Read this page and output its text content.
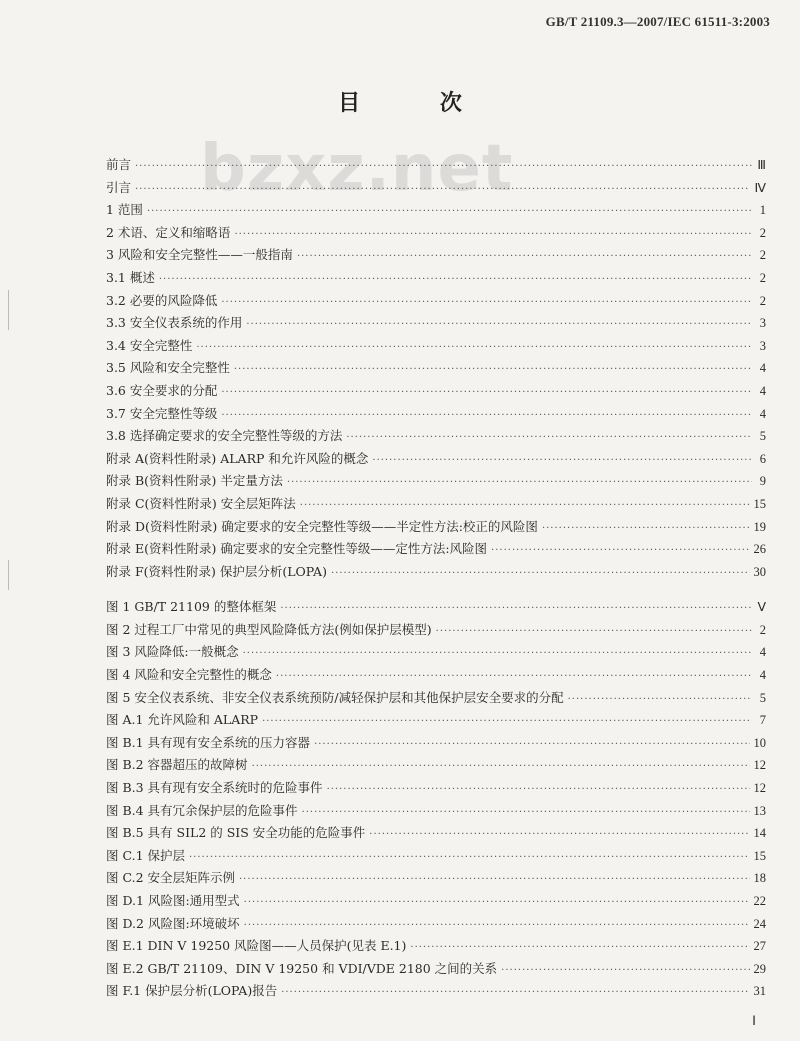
GB/T 21109.3—2007/IEC 61511-3:2003
目 次
bzxz.net
前言 ·····	Ⅲ
引言 ·····	Ⅳ
1 范围 ·····	1
2 术语、定义和缩略语 ·····	2
3 风险和安全完整性——一般指南 ·····	2
3.1 概述 ·····	2
3.2 必要的风险降低 ·····	2
3.3 安全仪表系统的作用 ·····	3
3.4 安全完整性 ·····	3
3.5 风险和安全完整性 ·····	4
3.6 安全要求的分配 ·····	4
3.7 安全完整性等级 ·····	4
3.8 选择确定要求的安全完整性等级的方法 ·····	5
附录 A(资料性附录) ALARP 和允许风险的概念 ·····	6
附录 B(资料性附录) 半定量方法 ·····	9
附录 C(资料性附录) 安全层矩阵法 ·····	15
附录 D(资料性附录) 确定要求的安全完整性等级——半定性方法:校正的风险图 ·····	19
附录 E(资料性附录) 确定要求的安全完整性等级——定性方法:风险图 ·····	26
附录 F(资料性附录) 保护层分析(LOPA) ·····	30
图 1 GB/T 21109 的整体框架 ·····	Ⅴ
图 2 过程工厂中常见的典型风险降低方法(例如保护层模型) ·····	2
图 3 风险降低:一般概念 ·····	4
图 4 风险和安全完整性的概念 ·····	4
图 5 安全仪表系统、非安全仪表系统预防/减轻保护层和其他保护层安全要求的分配 ·····	5
图 A.1 允许风险和 ALARP ·····	7
图 B.1 具有现有安全系统的压力容器 ·····	10
图 B.2 容器超压的故障树 ·····	12
图 B.3 具有现有安全系统时的危险事件 ·····	12
图 B.4 具有冗余保护层的危险事件 ·····	13
图 B.5 具有 SIL2 的 SIS 安全功能的危险事件 ·····	14
图 C.1 保护层 ·····	15
图 C.2 安全层矩阵示例 ·····	18
图 D.1 风险图:通用型式 ·····	22
图 D.2 风险图:环境破坏 ·····	24
图 E.1 DIN V 19250 风险图——人员保护(见表 E.1) ·····	27
图 E.2 GB/T 21109、DIN V 19250 和 VDI/VDE 2180 之间的关系 ·····	29
图 F.1 保护层分析(LOPA)报告 ·····	31
Ⅰ
